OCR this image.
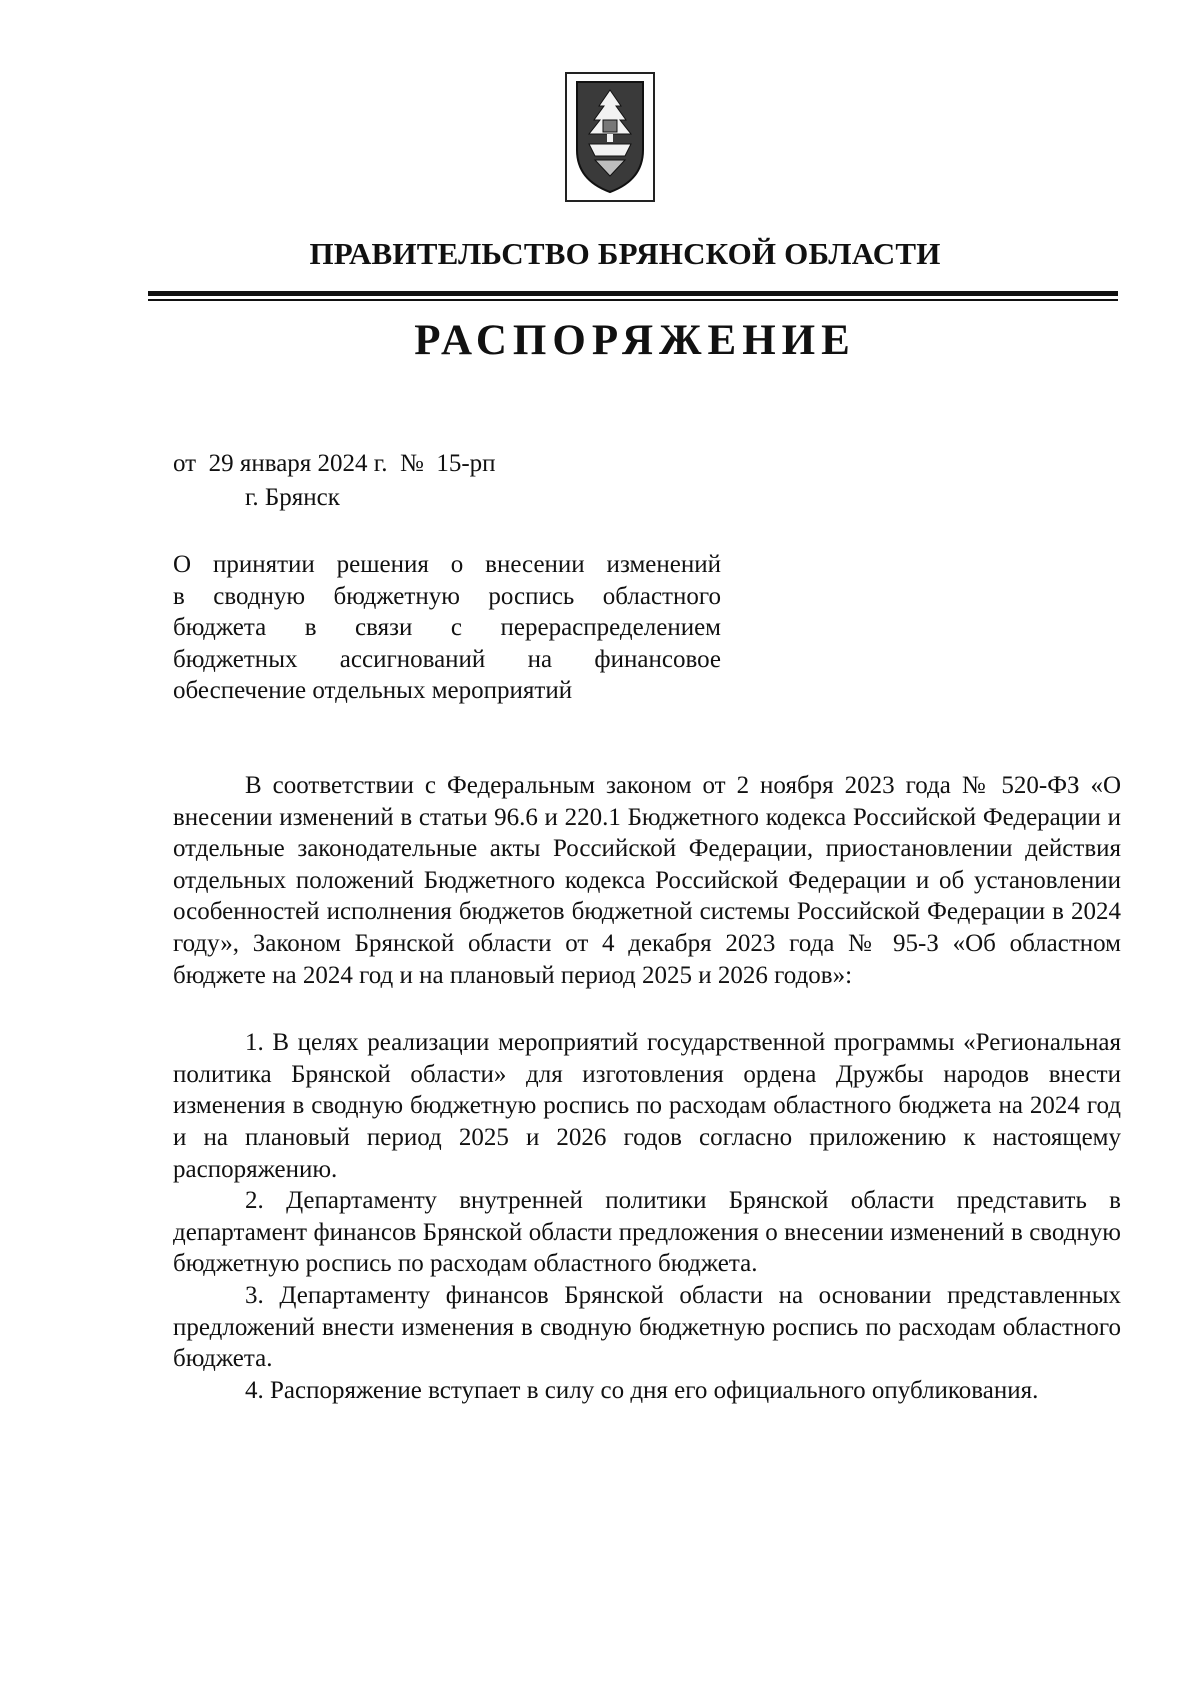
ПРАВИТЕЛЬСТВО БРЯНСКОЙ ОБЛАСТИ
РАСПОРЯЖЕНИЕ
от 29 января 2024 г. № 15-рп
г. Брянск
О принятии решения о внесении изменений
в сводную бюджетную роспись областного
бюджета в связи с перераспределением
бюджетных ассигнований на финансовое
обеспечение отдельных мероприятий

В соответствии с Федеральным законом от 2 ноября 2023 года № 520-ФЗ «О внесении изменений в статьи 96.6 и 220.1 Бюджетного кодекса Российской Федерации и отдельные законодательные акты Российской Федерации, приостановлении действия отдельных положений Бюджетного кодекса Российской Федерации и об установлении особенностей исполнения бюджетов бюджетной системы Российской Федерации в 2024 году», Законом Брянской области от 4 декабря 2023 года № 95-З «Об областном бюджете на 2024 год и на плановый период 2025 и 2026 годов»:

1. В целях реализации мероприятий государственной программы «Региональная политика Брянской области» для изготовления ордена Дружбы народов внести изменения в сводную бюджетную роспись по расходам областного бюджета на 2024 год и на плановый период 2025 и 2026 годов согласно приложению к настоящему распоряжению.

2. Департаменту внутренней политики Брянской области представить в департамент финансов Брянской области предложения о внесении изменений в сводную бюджетную роспись по расходам областного бюджета.

3. Департаменту финансов Брянской области на основании представленных предложений внести изменения в сводную бюджетную роспись по расходам областного бюджета.

4. Распоряжение вступает в силу со дня его официального опубликования.
